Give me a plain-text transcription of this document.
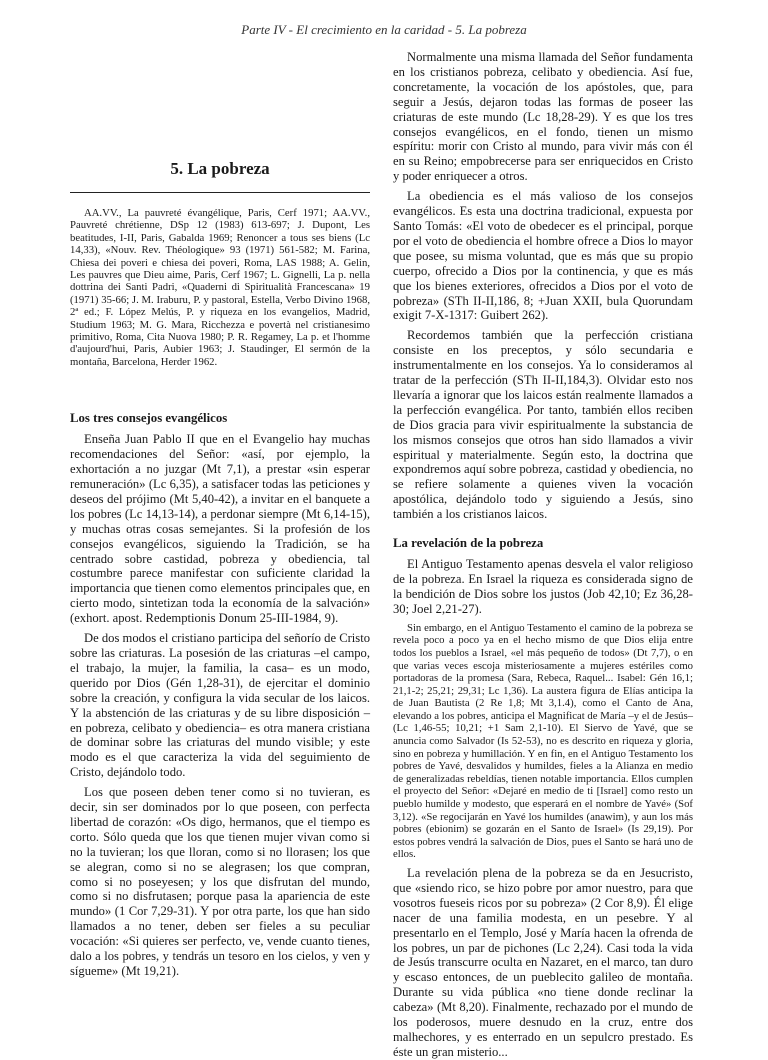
Parte IV - El crecimiento en la caridad - 5. La pobreza
5. La pobreza

AA.VV., La pauvreté évangélique, Paris, Cerf 1971; AA.VV., Pauvreté chrétienne, DSp 12 (1983) 613-697; J. Dupont, Les beatitudes, I-II, Paris, Gabalda 1969; Renoncer a tous ses biens (Lc 14,33), «Nouv. Rev. Théologique» 93 (1971) 561-582; M. Farina, Chiesa dei poveri e chiesa dei poveri, Roma, LAS 1988; A. Gelin, Les pauvres que Dieu aime, Paris, Cerf 1967; L. Gignelli, La p. nella dottrina dei Santi Padri, «Quaderni di Spiritualità Francescana» 19 (1971) 35-66; J. M. Iraburu, P. y pastoral, Estella, Verbo Divino 1968, 2ª ed.; F. López Melús, P. y riqueza en los evangelios, Madrid, Studium 1963; M. G. Mara, Ricchezza e povertà nel cristianesimo primitivo, Roma, Cita Nuova 1980; P. R. Regamey, La p. et l'homme d'aujourd'hui, Paris, Aubier 1963; J. Staudinger, El sermón de la montaña, Barcelona, Herder 1962.

Los tres consejos evangélicos

Enseña Juan Pablo II que en el Evangelio hay muchas recomendaciones del Señor: «así, por ejemplo, la exhortación a no juzgar (Mt 7,1), a prestar «sin esperar remuneración» (Lc 6,35), a satisfacer todas las peticiones y deseos del prójimo (Mt 5,40-42), a invitar en el banquete a los pobres (Lc 14,13-14), a perdonar siempre (Mt 6,14-15), y muchas otras cosas semejantes. Si la profesión de los consejos evangélicos, siguiendo la Tradición, se ha centrado sobre castidad, pobreza y obediencia, tal costumbre parece manifestar con suficiente claridad la importancia que tienen como elementos principales que, en cierto modo, sintetizan toda la economía de la salvación» (exhort. apost. Redemptionis Donum 25-III-1984, 9).

De dos modos el cristiano participa del señorío de Cristo sobre las criaturas. La posesión de las criaturas –el campo, el trabajo, la mujer, la familia, la casa– es un modo, querido por Dios (Gén 1,28-31), de ejercitar el dominio sobre la creación, y configura la vida secular de los laicos. Y la abstención de las criaturas y de su libre disposición –en pobreza, celibato y obediencia– es otra manera cristiana de dominar sobre las criaturas del mundo visible; y este modo es el que caracteriza la vida del seguimiento de Cristo, dejándolo todo.

Los que poseen deben tener como si no tuvieran, es decir, sin ser dominados por lo que poseen, con perfecta libertad de corazón: «Os digo, hermanos, que el tiempo es corto. Sólo queda que los que tienen mujer vivan como si no la tuvieran; los que lloran, como si no llorasen; los que se alegran, como si no se alegrasen; los que compran, como si no poseyesen; y los que disfrutan del mundo, como si no disfrutasen; porque pasa la apariencia de este mundo» (1 Cor 7,29-31). Y por otra parte, los que han sido llamados a no tener, deben ser fieles a su peculiar vocación: «Si quieres ser perfecto, ve, vende cuanto tienes, dalo a los pobres, y tendrás un tesoro en los cielos, y ven y sígueme» (Mt 19,21).

Normalmente una misma llamada del Señor fundamenta en los cristianos pobreza, celibato y obediencia. Así fue, concretamente, la vocación de los apóstoles, que, para seguir a Jesús, dejaron todas las formas de poseer las criaturas de este mundo (Lc 18,28-29). Y es que los tres consejos evangélicos, en el fondo, tienen un mismo espíritu: morir con Cristo al mundo, para vivir más con él en su Reino; empobrecerse para ser enriquecidos en Cristo y poder enriquecer a otros.

La obediencia es el más valioso de los consejos evangélicos. Es esta una doctrina tradicional, expuesta por Santo Tomás: «El voto de obedecer es el principal, porque por el voto de obediencia el hombre ofrece a Dios lo mayor que posee, su misma voluntad, que es más que su propio cuerpo, ofrecido a Dios por la continencia, y que es más que los bienes exteriores, ofrecidos a Dios por el voto de pobreza» (STh II-II,186, 8; +Juan XXII, bula Quorundam exigit 7-X-1317: Guibert 262).

Recordemos también que la perfección cristiana consiste en los preceptos, y sólo secundaria e instrumentalmente en los consejos. Ya lo consideramos al tratar de la perfección (STh II-II,184,3). Olvidar esto nos llevaría a ignorar que los laicos están realmente llamados a la perfección evangélica. Por tanto, también ellos reciben de Dios gracia para vivir espiritualmente la substancia de los mismos consejos que otros han sido llamados a vivir espiritual y materialmente. Según esto, la doctrina que expondremos aquí sobre pobreza, castidad y obediencia, no se refiere solamente a quienes viven la vocación apostólica, dejándolo todo y siguiendo a Jesús, sino también a los cristianos laicos.

La revelación de la pobreza

El Antiguo Testamento apenas desvela el valor religioso de la pobreza. En Israel la riqueza es considerada signo de la bendición de Dios sobre los justos (Job 42,10; Ez 36,28-30; Joel 2,21-27).

Sin embargo, en el Antiguo Testamento el camino de la pobreza se revela poco a poco ya en el hecho mismo de que Dios elija entre todos los pueblos a Israel, «el más pequeño de todos» (Dt 7,7), o en que varias veces escoja misteriosamente a mujeres estériles como portadoras de la promesa (Sara, Rebeca, Raquel... Isabel: Gén 16,1; 21,1-2; 25,21; 29,31; Lc 1,36). La austera figura de Elías anticipa la de Juan Bautista (2 Re 1,8; Mt 3,1.4), como el Canto de Ana, elevando a los pobres, anticipa el Magnificat de María –y el de Jesús– (Lc 1,46-55; 10,21; +1 Sam 2,1-10). El Siervo de Yavé, que se anuncia como Salvador (Is 52-53), no es descrito en riqueza y gloria, sino en pobreza y humillación. Y en fin, en el Antiguo Testamento los pobres de Yavé, desvalidos y humildes, fieles a la Alianza en medio de generalizadas rebeldías, tienen notable importancia. Ellos cumplen el proyecto del Señor: «Dejaré en medio de ti [Israel] como resto un pueblo humilde y modesto, que esperará en el nombre de Yavé» (Sof 3,12). «Se regocijarán en Yavé los humildes (anawim), y aun los más pobres (ebionim) se gozarán en el Santo de Israel» (Is 29,19). Por estos pobres vendrá la salvación de Dios, pues el Santo se hará uno de ellos.

La revelación plena de la pobreza se da en Jesucristo, que «siendo rico, se hizo pobre por amor nuestro, para que vosotros fueseis ricos por su pobreza» (2 Cor 8,9). Él elige nacer de una familia modesta, en un pesebre. Y al presentarlo en el Templo, José y María hacen la ofrenda de los pobres, un par de pichones (Lc 2,24). Casi toda la vida de Jesús transcurre oculta en Nazaret, en el marco, tan duro y escaso entonces, de un pueblecito galileo de montaña. Durante su vida pública «no tiene donde reclinar la cabeza» (Mt 8,20). Finalmente, rechazado por el mundo de los poderosos, muere desnudo en la cruz, entre dos malhechores, y es enterrado en un sepulcro prestado. Es éste un gran misterio...
